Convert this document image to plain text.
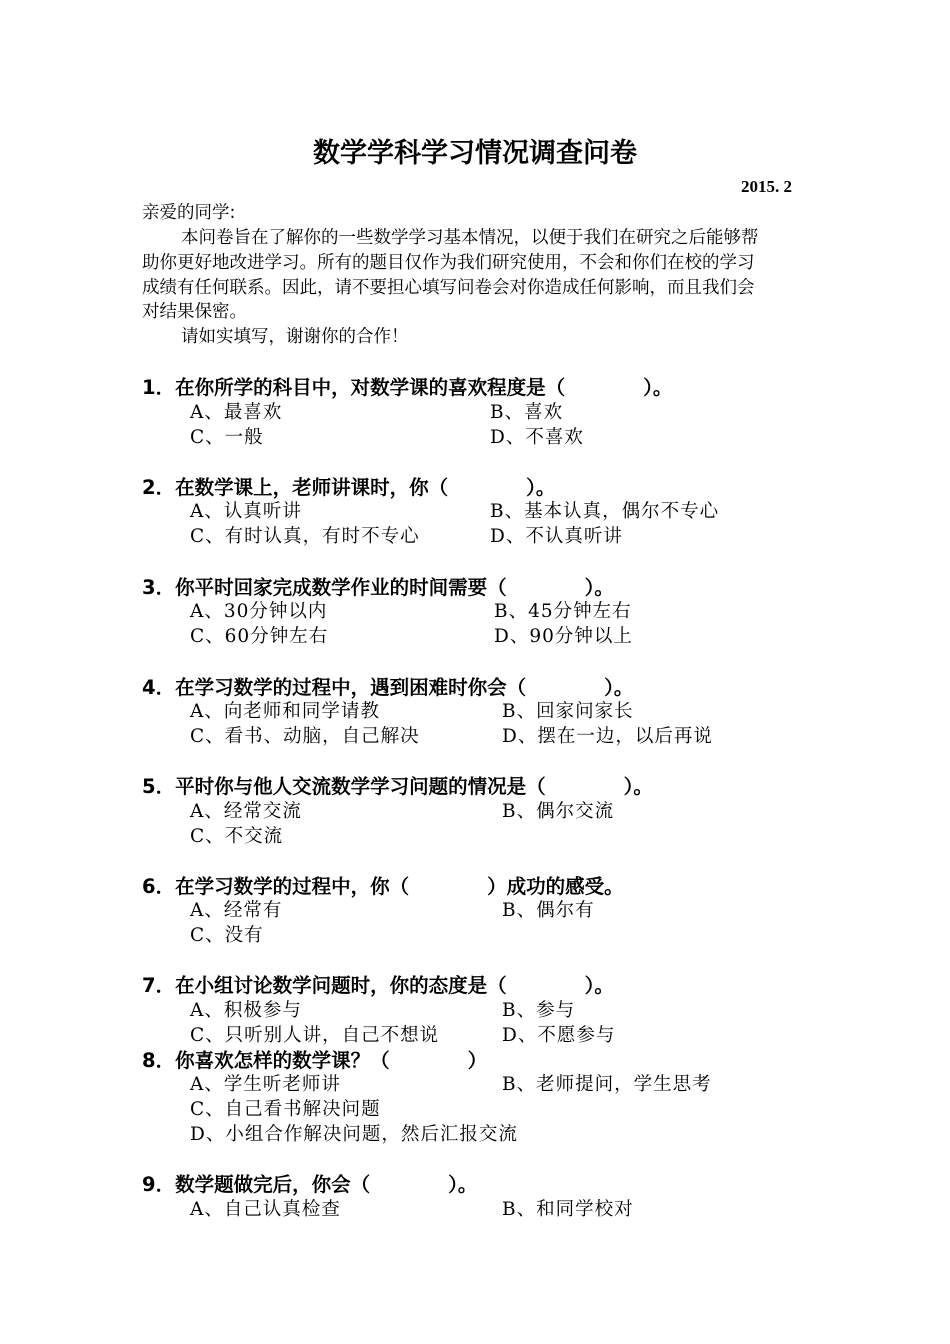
数学学科学习情况调查问卷
2015. 2
亲爱的同学:
本问卷旨在了解你的一些数学学习基本情况，以便于我们在研究之后能够帮
助你更好地改进学习。所有的题目仅作为我们研究使用，不会和你们在校的学习
成绩有任何联系。因此，请不要担心填写问卷会对你造成任何影响，而且我们会
对结果保密。
请如实填写，谢谢你的合作！
1．在你所学的科目中，对数学课的喜欢程度是（　　　　）。
A、最喜欢	B、喜欢
C、一般	D、不喜欢
2．在数学课上，老师讲课时，你（　　　　）。
A、认真听讲	B、基本认真，偶尔不专心
C、有时认真，有时不专心	D、不认真听讲
3．你平时回家完成数学作业的时间需要（　　　　）。
A、30分钟以内	B、45分钟左右
C、60分钟左右	D、90分钟以上
4．在学习数学的过程中，遇到困难时你会（　　　　）。
A、向老师和同学请教	B、回家问家长
C、看书、动脑，自己解决	D、摆在一边，以后再说
5．平时你与他人交流数学学习问题的情况是（　　　　）。
A、经常交流	B、偶尔交流
C、不交流
6．在学习数学的过程中，你（　　　　）成功的感受。
A、经常有	B、偶尔有
C、没有
7．在小组讨论数学问题时，你的态度是（　　　　）。
A、积极参与	B、参与
C、只听别人讲，自己不想说	D、不愿参与
8．你喜欢怎样的数学课？（　　　　）
A、学生听老师讲	B、老师提问，学生思考
C、自己看书解决问题
D、小组合作解决问题，然后汇报交流
9．数学题做完后，你会（　　　　）。
A、自己认真检查	B、和同学校对
